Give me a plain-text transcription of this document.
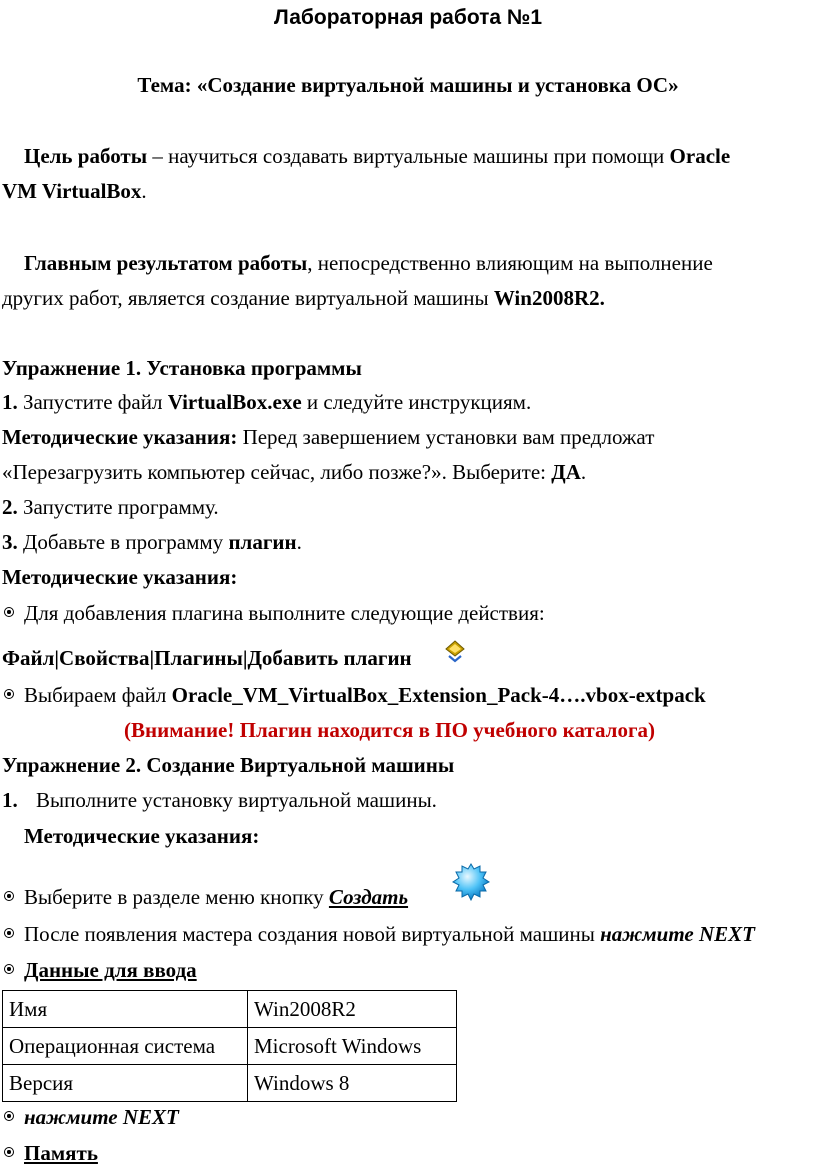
Лабораторная работа №1
Тема: «Создание виртуальной машины и установка ОС»
Цель работы – научиться создавать виртуальные машины при помощи Oracle
VM VirtualBox.
Главным результатом работы, непосредственно влияющим на выполнение
других работ, является создание виртуальной машины Win2008R2.
Упражнение 1. Установка программы
1. Запустите файл VirtualBox.exe и следуйте инструкциям.
Методические указания: Перед завершением установки вам предложат
«Перезагрузить компьютер сейчас, либо позже?». Выберите: ДА.
2. Запустите программу.
3. Добавьте в программу плагин.
Методические указания:
Для добавления плагина выполните следующие действия:
Файл|Свойства|Плагины|Добавить плагин
Выбираем файл Oracle_VM_VirtualBox_Extension_Pack-4….vbox-extpack
(Внимание! Плагин находится в ПО учебного каталога)
Упражнение 2. Создание Виртуальной машины
1. Выполните установку виртуальной машины.
Методические указания:
Выберите в разделе меню кнопку Создать
После появления мастера создания новой виртуальной машины нажмите NEXT
Данные для ввода
Имя	Win2008R2
Операционная система	Microsoft Windows
Версия	Windows 8
нажмите NEXT
Память
